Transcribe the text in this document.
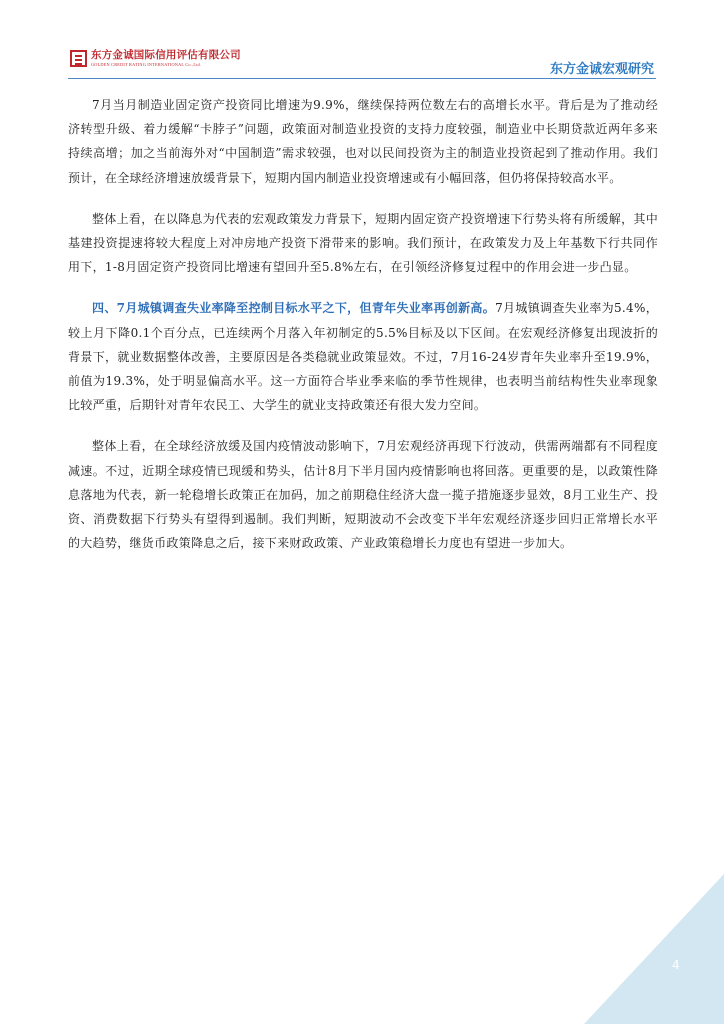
东方金诚国际信用评估有限公司
GOLDEN CREDIT RATING INTERNATIONAL Co.,Ltd.	东方金诚宏观研究

7月当月制造业固定资产投资同比增速为9.9%，继续保持两位数左右的高增长水平。背后是为了推动经济转型升级、着力缓解“卡脖子”问题，政策面对制造业投资的支持力度较强，制造业中长期贷款近两年多来持续高增；加之当前海外对“中国制造”需求较强，也对以民间投资为主的制造业投资起到了推动作用。我们预计，在全球经济增速放缓背景下，短期内国内制造业投资增速或有小幅回落，但仍将保持较高水平。

整体上看，在以降息为代表的宏观政策发力背景下，短期内固定资产投资增速下行势头将有所缓解，其中基建投资提速将较大程度上对冲房地产投资下滑带来的影响。我们预计，在政策发力及上年基数下行共同作用下，1-8月固定资产投资同比增速有望回升至5.8%左右，在引领经济修复过程中的作用会进一步凸显。

四、7月城镇调查失业率降至控制目标水平之下，但青年失业率再创新高。7月城镇调查失业率为5.4%，较上月下降0.1个百分点，已连续两个月落入年初制定的5.5%目标及以下区间。在宏观经济修复出现波折的背景下，就业数据整体改善，主要原因是各类稳就业政策显效。不过，7月16-24岁青年失业率升至19.9%，前值为19.3%，处于明显偏高水平。这一方面符合毕业季来临的季节性规律，也表明当前结构性失业率现象比较严重，后期针对青年农民工、大学生的就业支持政策还有很大发力空间。

整体上看，在全球经济放缓及国内疫情波动影响下，7月宏观经济再现下行波动，供需两端都有不同程度减速。不过，近期全球疫情已现缓和势头，估计8月下半月国内疫情影响也将回落。更重要的是，以政策性降息落地为代表，新一轮稳增长政策正在加码，加之前期稳住经济大盘一揽子措施逐步显效，8月工业生产、投资、消费数据下行势头有望得到遏制。我们判断，短期波动不会改变下半年宏观经济逐步回归正常增长水平的大趋势，继货币政策降息之后，接下来财政政策、产业政策稳增长力度也有望进一步加大。

4
